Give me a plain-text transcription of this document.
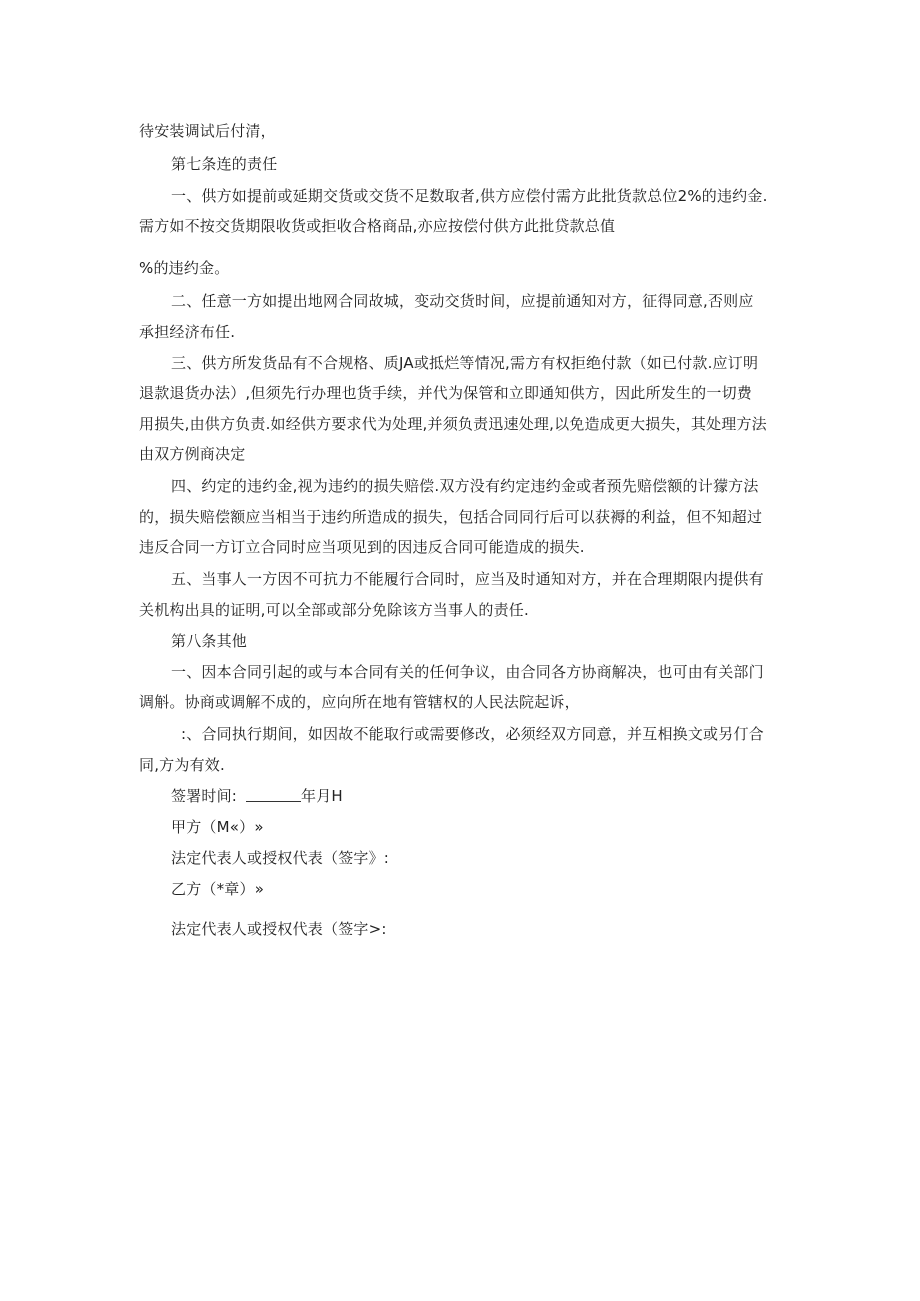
待安装调试后付清，
第七条连的责任
一、供方如提前或延期交货或交货不足数取者,供方应偿付需方此批货款总位2%的违约金.
需方如不按交货期限收货或拒收合格商品,亦应按偿付供方此批贷款总值
%的违约金。
二、任意一方如提出地网合同故城，变动交货时间，应提前通知对方，征得同意,否则应
承担经济布任.
三、供方所发货品有不合规格、质JA或抵烂等情况,需方有权拒绝付款（如已付款.应订明
退款退货办法）,但须先行办理也货手续，并代为保管和立即通知供方，因此所发生的一切费
用损失,由供方负责.如经供方要求代为处理,并须负责迅速处理,以免造成更大损失，其处理方法
由双方例商决定
四、约定的违约金,视为违约的损失赔偿.双方没有约定违约金或者预先赔偿额的计獴方法
的，损失赔偿额应当相当于违约所造成的损失，包括合同同行后可以获褥的利益，但不知超过
违反合同一方订立合同时应当项见到的因违反合同可能造成的损失.
五、当事人一方因不可抗力不能履行合同时，应当及时通知对方，并在合理期限内提供有
关机构出具的证明,可以全部或部分免除该方当事人的责任.
第八条其他
一、因本合同引起的或与本合同有关的任何争议，由合同各方协商解决，也可由有关部门
调斛。协商或调解不成的，应向所在地有管辖权的人民法院起诉，
:、合同执行期间，如因故不能取行或需要修改，必须经双方同意，并互相换文或另仃合
同,方为有效.
签署时间:	年月H
甲方（M«）»
法定代表人或授权代表（签字》:
乙方（*章）»
法定代表人或授权代表（签字>:
